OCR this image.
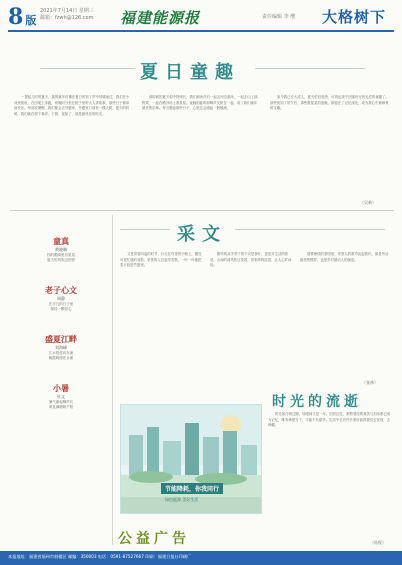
8 版
2021年7月14日 星期三
邮箱：fzwh@126.com 福建能源报	责任编辑 李 缨 大格树下
夏日童趣

一提起儿时的夏天，我的童年仿佛在夏日的知了声中呼啸而过。我们在小河里捉鱼，在田埂上奔跑，傍晚时分坐在院子里听大人讲故事，那些日子简单而快乐。每到放暑假，我们便会去外婆家，外婆家门前有一棵大树，夏天的时候，我们就在树下乘凉、下棋、捉知了，那是最快乐的时光。

那时候的夏天似乎特别长，我们和伙伴们一起去河边游泳，一起去山上摘野果，一起在晒谷场上看星星。夜晚的蛙鸣和蝉声交织在一起，成了我们童年最美的乐章。每当想起那些日子，心里总会涌起一股暖流。

如今我已长大成人，夏天依旧炎热，可再也找不回那份无忧无虑的童趣了。那些捉知了的午后、那些数星星的夜晚，都留在了记忆深处，成为我心中最珍贵的宝藏。

（吴新）
童真
黄晓琳
你的眼睛里有星星
夏天的风吹过田野
老子心文
周静
在平凡的日子里
保持一颗初心
盛夏江畔
刘海峰
江水悠悠向东流
晚霞映照在水面
小暑
杜文
暑气渐起蝉声长
荷花满塘映夕阳
采文

又是茶香四溢的时节，行走在村里的小路上，随处可见忙碌的身影。采茶的人们起早贪黑，一叶一叶地把春天收进竹篮里。

勤劳的双手采下的不仅是茶叶，更是对生活的热爱。山间的清风吹过茶园，带来阵阵清香，让人心旷神怡。

晨雾缭绕的茶园里，采茶人的歌声此起彼伏，那是劳动最美的模样，也是乡村最动人的画卷。

（张林）
时光的流逝

时光如白驹过隙，转眼间又是一年。回首过往，那些曾经的欢笑与泪水都已成为记忆，唯有珍惜当下，才能不负韶华。生活中总有许多美好值得我们去发现，去珍藏。

（孙悦）
节能降耗，你我同行
绿色能源 美好生活
公益广告
本报地址：福建省福州市鼓楼区 邮编：350003 电话：0591-87527667 印刷：福建日报社印刷厂
